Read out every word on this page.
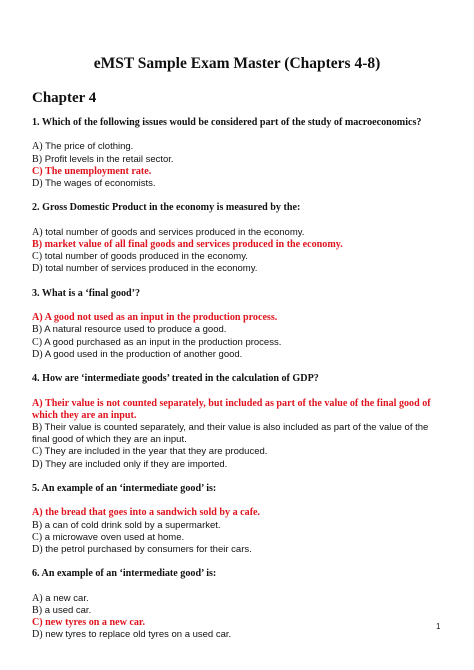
eMST Sample Exam Master (Chapters 4-8)
Chapter 4

1. Which of the following issues would be considered part of the study of macroeconomics?

A) The price of clothing.

B) Profit levels in the retail sector.

C) The unemployment rate.

D) The wages of economists.

2. Gross Domestic Product in the economy is measured by the:

A) total number of goods and services produced in the economy.

B) market value of all final goods and services produced in the economy.

C) total number of goods produced in the economy.

D) total number of services produced in the economy.

3. What is a ‘final good’?

A) A good not used as an input in the production process.

B) A natural resource used to produce a good.

C) A good purchased as an input in the production process.

D) A good used in the production of another good.

4. How are ‘intermediate goods’ treated in the calculation of GDP?

A) Their value is not counted separately, but included as part of the value of the final good of which they are an input.

B) Their value is counted separately, and their value is also included as part of the value of the final good of which they are an input.

C) They are included in the year that they are produced.

D) They are included only if they are imported.

5. An example of an ‘intermediate good’ is:

A) the bread that goes into a sandwich sold by a cafe.

B) a can of cold drink sold by a supermarket.

C) a microwave oven used at home.

D) the petrol purchased by consumers for their cars.

6. An example of an ‘intermediate good’ is:

A) a new car.

B) a used car.

C) new tyres on a new car.

D) new tyres to replace old tyres on a used car.

1
